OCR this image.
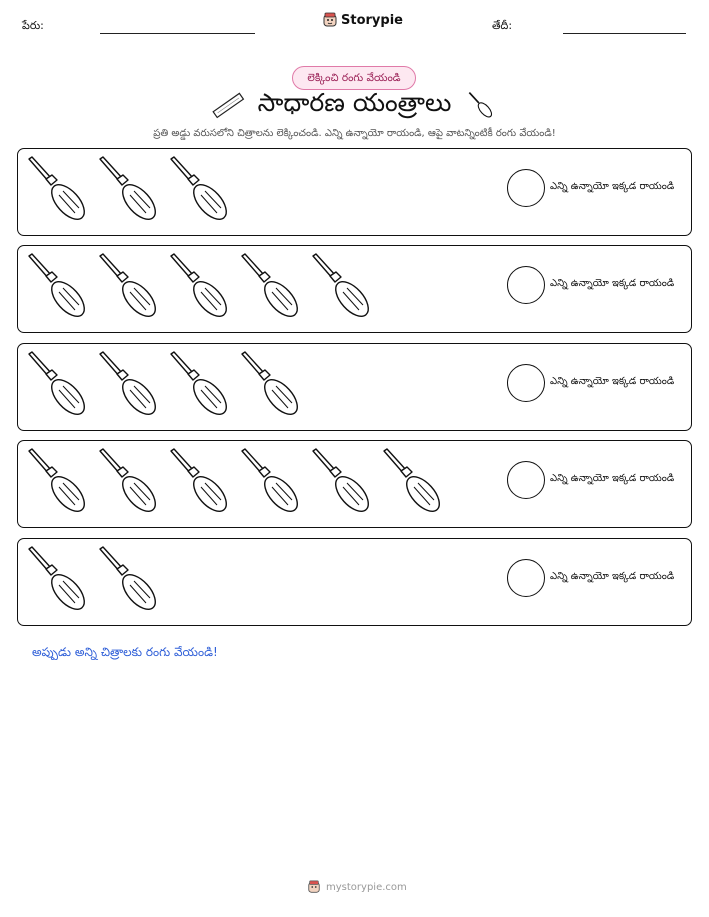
పేరు:	Storypie	తేదీ:
లెక్కించి రంగు వేయండి
సాధారణ యంత్రాలు
ప్రతి అడ్డు వరుసలోని చిత్రాలను లెక్కించండి. ఎన్ని ఉన్నాయో రాయండి, ఆపై వాటన్నింటికీ రంగు వేయండి!
ఎన్ని ఉన్నాయో ఇక్కడ రాయండి
ఎన్ని ఉన్నాయో ఇక్కడ రాయండి
ఎన్ని ఉన్నాయో ఇక్కడ రాయండి
ఎన్ని ఉన్నాయో ఇక్కడ రాయండి
ఎన్ని ఉన్నాయో ఇక్కడ రాయండి
అప్పుడు అన్ని చిత్రాలకు రంగు వేయండి!
mystorypie.com
